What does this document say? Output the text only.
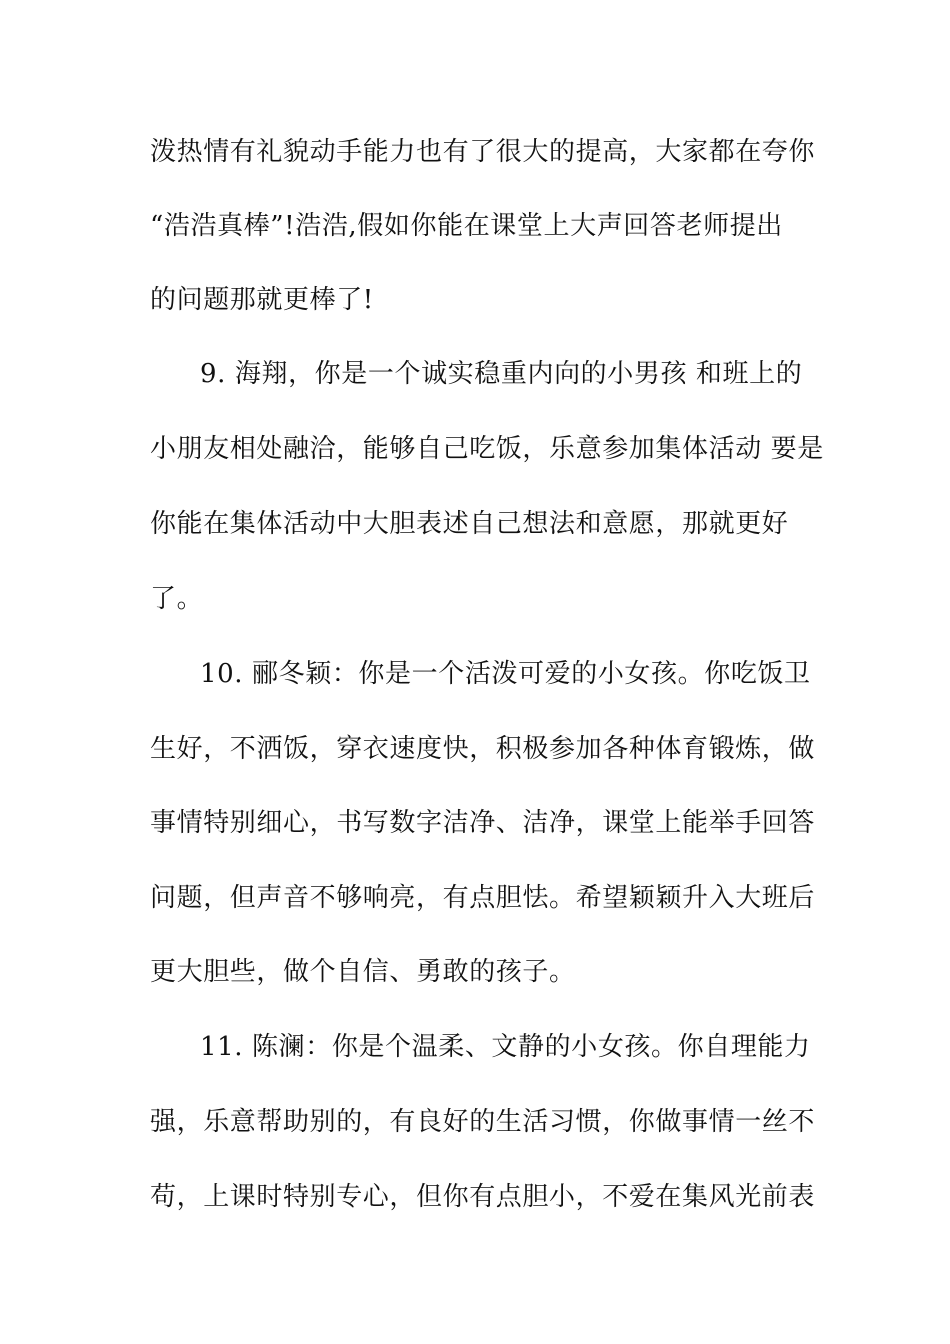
泼热情有礼貌动手能力也有了很大的提高，大家都在夸你
“浩浩真棒”!浩浩,假如你能在课堂上大声回答老师提出
的问题那就更棒了!
9. 海翔，你是一个诚实稳重内向的小男孩 和班上的
小朋友相处融洽，能够自己吃饭，乐意参加集体活动 要是
你能在集体活动中大胆表述自己想法和意愿，那就更好
了。
10. 郦冬颖：你是一个活泼可爱的小女孩。你吃饭卫
生好，不洒饭，穿衣速度快，积极参加各种体育锻炼，做
事情特别细心，书写数字洁净、洁净，课堂上能举手回答
问题，但声音不够响亮，有点胆怯。希望颖颖升入大班后
更大胆些，做个自信、勇敢的孩子。
11. 陈澜：你是个温柔、文静的小女孩。你自理能力
强，乐意帮助别的，有良好的生活习惯，你做事情一丝不
苟，上课时特别专心，但你有点胆小，不爱在集风光前表
